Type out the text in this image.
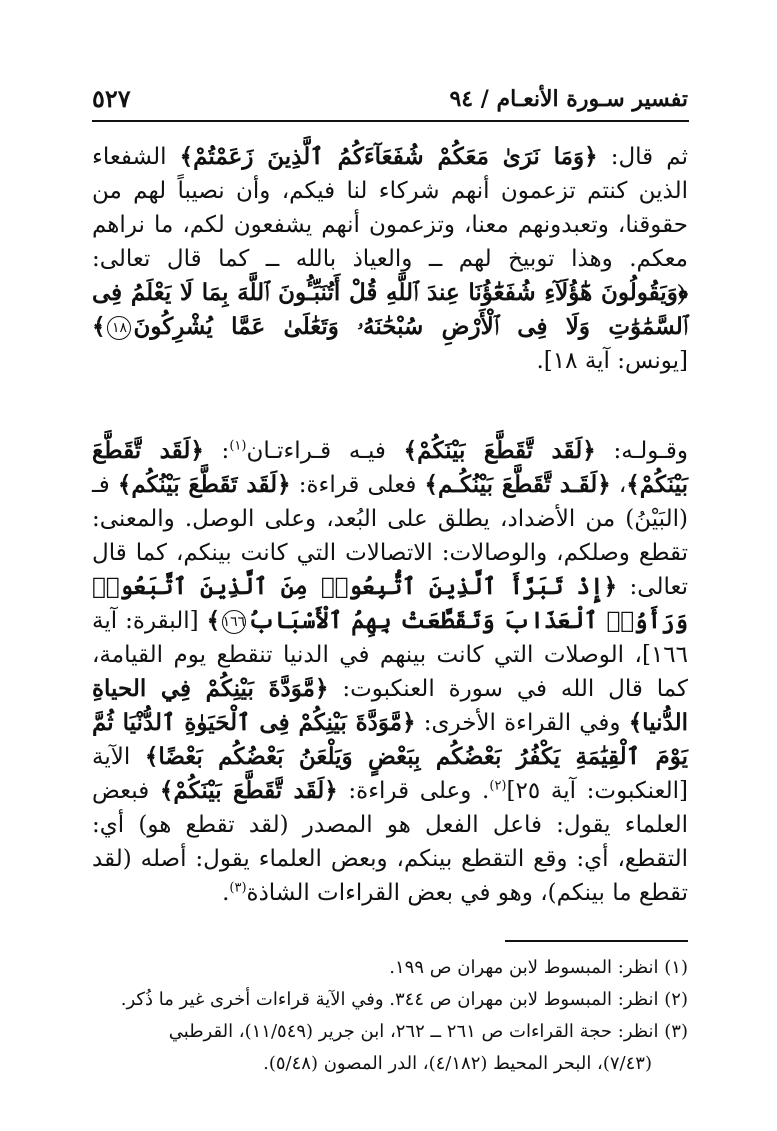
تفسير سـورة الأنعـام / ٩٤
٥٢٧

ثم قال: ﴿وَمَا نَرَىٰ مَعَكُمْ شُفَعَآءَكُمُ ٱلَّذِينَ زَعَمْتُمْ﴾ الشفعاء الذين كنتم تزعمون أنهم شركاء لنا فيكم، وأن نصيباً لهم من حقوقنا، وتعبدونهم معنا، وتزعمون أنهم يشفعون لكم، ما نراهم معكم. وهذا توبيخ لهم ــ والعياذ بالله ــ كما قال تعالى: ﴿وَيَقُولُونَ هَٰٓؤُلَآءِ شُفَعَٰٓؤُنَا عِندَ ٱللَّهِ قُلْ أَتُنَبِّـُٔونَ ٱللَّهَ بِمَا لَا يَعْلَمُ فِى ٱلسَّمَٰوَٰتِ وَلَا فِى ٱلْأَرْضِ سُبْحَٰنَهُۥ وَتَعَٰلَىٰ عَمَّا يُشْرِكُونَ١٨﴾ [يونس: آية ١٨].

وقـولـه: ﴿لَقَد تَّقَطَّعَ بَيْنَكُمْ﴾ فيـه قـراءتـان$^{(١)}$: ﴿لَقَد تَّقَطَّعَ بَيْنَكُمْ﴾، ﴿لَقَـد تَّقَطَّعَ بَيْنُكُـم﴾ فعلى قراءة: ﴿لَقَد تَقَطَّعَ بَيْنُكُم﴾ فـ (البَيْنُ) من الأضداد، يطلق على البُعد، وعلى الوصل. والمعنى: تقطع وصلكم، والوصالات: الاتصالات التي كانت بينكم، كما قال تعالى: ﴿إِذْ تَبَرَّأَ ٱلَّذِينَ ٱتُّبِعُوا۟ مِنَ ٱلَّذِينَ ٱتَّبَعُوا۟ وَرَأَوُا۟ ٱلْعَذَابَ وَتَقَطَّعَتْ بِهِمُ ٱلْأَسْبَابُ١٦٦﴾ [البقرة: آية ١٦٦]، الوصلات التي كانت بينهم في الدنيا تنقطع يوم القيامة، كما قال الله في سورة العنكبوت: ﴿مَّوَدَّةَ بَيْنِكُمْ فِي الحياةِ الدُّنيا﴾ وفي القراءة الأخرى: ﴿مَّوَدَّةَ بَيْنِكُمْ فِى ٱلْحَيَوٰةِ ٱلدُّنْيَا ثُمَّ يَوْمَ ٱلْقِيَٰمَةِ يَكْفُرُ بَعْضُكُم بِبَعْضٍ وَيَلْعَنُ بَعْضُكُم بَعْضًا﴾ الآية [العنكبوت: آية ٢٥]$^{(٢)}$. وعلى قراءة: ﴿لَقَد تَّقَطَّعَ بَيْنَكُمْ﴾ فبعض العلماء يقول: فاعل الفعل هو المصدر (لقد تقطع هو) أي: التقطع، أي: وقع التقطع بينكم، وبعض العلماء يقول: أصله (لقد تقطع ما بينكم)، وهو في بعض القراءات الشاذة$^{(٣)}$.

(١) انظر: المبسوط لابن مهران ص ١٩٩.

(٢) انظر: المبسوط لابن مهران ص ٣٤٤. وفي الآية قراءات أخرى غير ما ذُكر.

(٣) انظر: حجة القراءات ص ٢٦١ ــ ٢٦٢، ابن جرير (١١/٥٤٩)، القرطبي

(٧/٤٣)، البحر المحيط (٤/١٨٢)، الدر المصون (٥/٤٨).
